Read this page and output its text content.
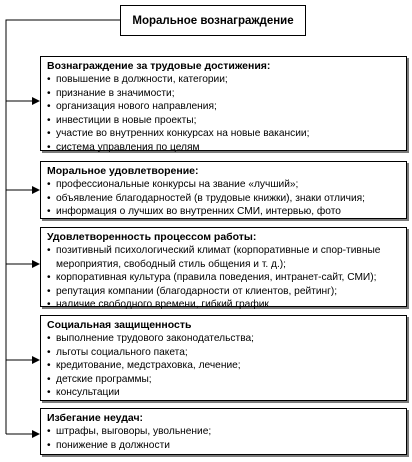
Моральное вознаграждение
Вознаграждение за трудовые достижения:
• повышение в должности, категории;
• признание в значимости;
• организация нового направления;
• инвестиции в новые проекты;
• участие во внутренних конкурсах на новые вакансии;
• система управления по целям
Моральное удовлетворение:
• профессиональные конкурсы на звание «лучший»;
• объявление благодарностей (в трудовые книжки), знаки отличия;
• информация о лучших во внутренних СМИ, интервью, фото
Удовлетворенность процессом работы:
• позитивный психологический климат (корпоративные и спор-тивные мероприятия, свободный стиль общения и т. д.);
• корпоративная культура (правила поведения, интранет-сайт, СМИ);
• репутация компании (благодарности от клиентов, рейтинг);
• наличие свободного времени, гибкий график
Социальная защищенность
• выполнение трудового законодательства;
• льготы социального пакета;
• кредитование, медстраховка, лечение;
• детские программы;
• консультации
Избегание неудач:
• штрафы, выговоры, увольнение;
• понижение в должности
